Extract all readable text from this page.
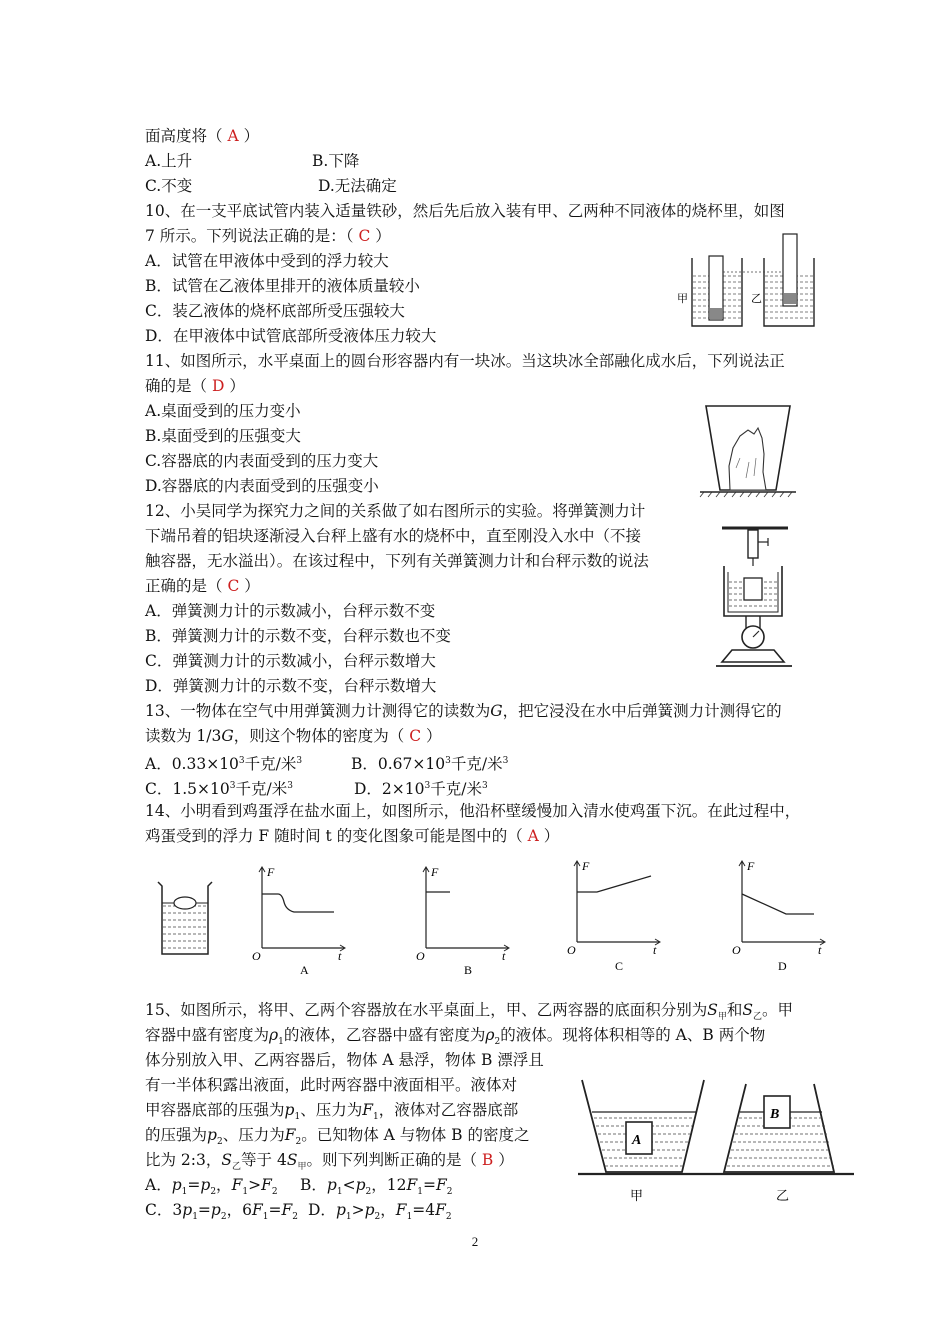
面高度将（ A ）
A.上升	B.下降
C.不变	D.无法确定
10、在一支平底试管内装入适量铁砂，然后先后放入装有甲、乙两种不同液体的烧杯里，如图
7 所示。下列说法正确的是：（ C ）
A．试管在甲液体中受到的浮力较大
B．试管在乙液体里排开的液体质量较小
C．装乙液体的烧杯底部所受压强较大
D．在甲液体中试管底部所受液体压力较大
甲	乙
11、如图所示，水平桌面上的圆台形容器内有一块冰。当这块冰全部融化成水后，下列说法正
确的是（ D ）
A.桌面受到的压力变小
B.桌面受到的压强变大
C.容器底的内表面受到的压力变大
D.容器底的内表面受到的压强变小
12、小吴同学为探究力之间的关系做了如右图所示的实验。将弹簧测力计
下端吊着的铝块逐渐浸入台秤上盛有水的烧杯中，直至刚没入水中（不接
触容器，无水溢出）。在该过程中，下列有关弹簧测力计和台秤示数的说法
正确的是（ C ）
A．弹簧测力计的示数减小，台秤示数不变
B．弹簧测力计的示数不变，台秤示数也不变
C．弹簧测力计的示数减小，台秤示数增大
D．弹簧测力计的示数不变，台秤示数增大
13、一物体在空气中用弹簧测力计测得它的读数为G，把它浸没在水中后弹簧测力计测得它的
读数为 1/3G，则这个物体的密度为（ C ）
A．$0.33\times 10^3$千克/米$^3$	B．$0.67\times 10^3$千克/米$^3$
C．$1.5\times 10^3$千克/米$^3$	D．$2\times 10^3$千克/米$^3$
14、小明看到鸡蛋浮在盐水面上，如图所示，他沿杯壁缓慢加入清水使鸡蛋下沉。在此过程中，
鸡蛋受到的浮力 F 随时间 t 的变化图象可能是图中的（ A ）
F
t
O
A
F
t
O
B
F
t
O
C
F
t
O
D
15、如图所示，将甲、乙两个容器放在水平桌面上，甲、乙两容器的底面积分别为$S_甲$和$S_乙$。甲
容器中盛有密度为$\rho_1$的液体，乙容器中盛有密度为$\rho_2$的液体。现将体积相等的 A、B 两个物
体分别放入甲、乙两容器后，物体 A 悬浮，物体 B 漂浮且
有一半体积露出液面，此时两容器中液面相平。液体对
甲容器底部的压强为$p_1$、压力为$F_1$，液体对乙容器底部
的压强为$p_2$、压力为$F_2$。已知物体 A 与物体 B 的密度之
比为 2:3，$S_乙$等于 $4S_甲$。则下列判断正确的是（ B ）
A．$p_1=p_2$，$F_1>F_2$ B．$p_1<p_2$，$12F_1=F_2$
C．$3p_1=p_2$，$6F_1=F_2$ D．$p_1>p_2$，$F_1=4F_2$
A
B
甲	乙
2
